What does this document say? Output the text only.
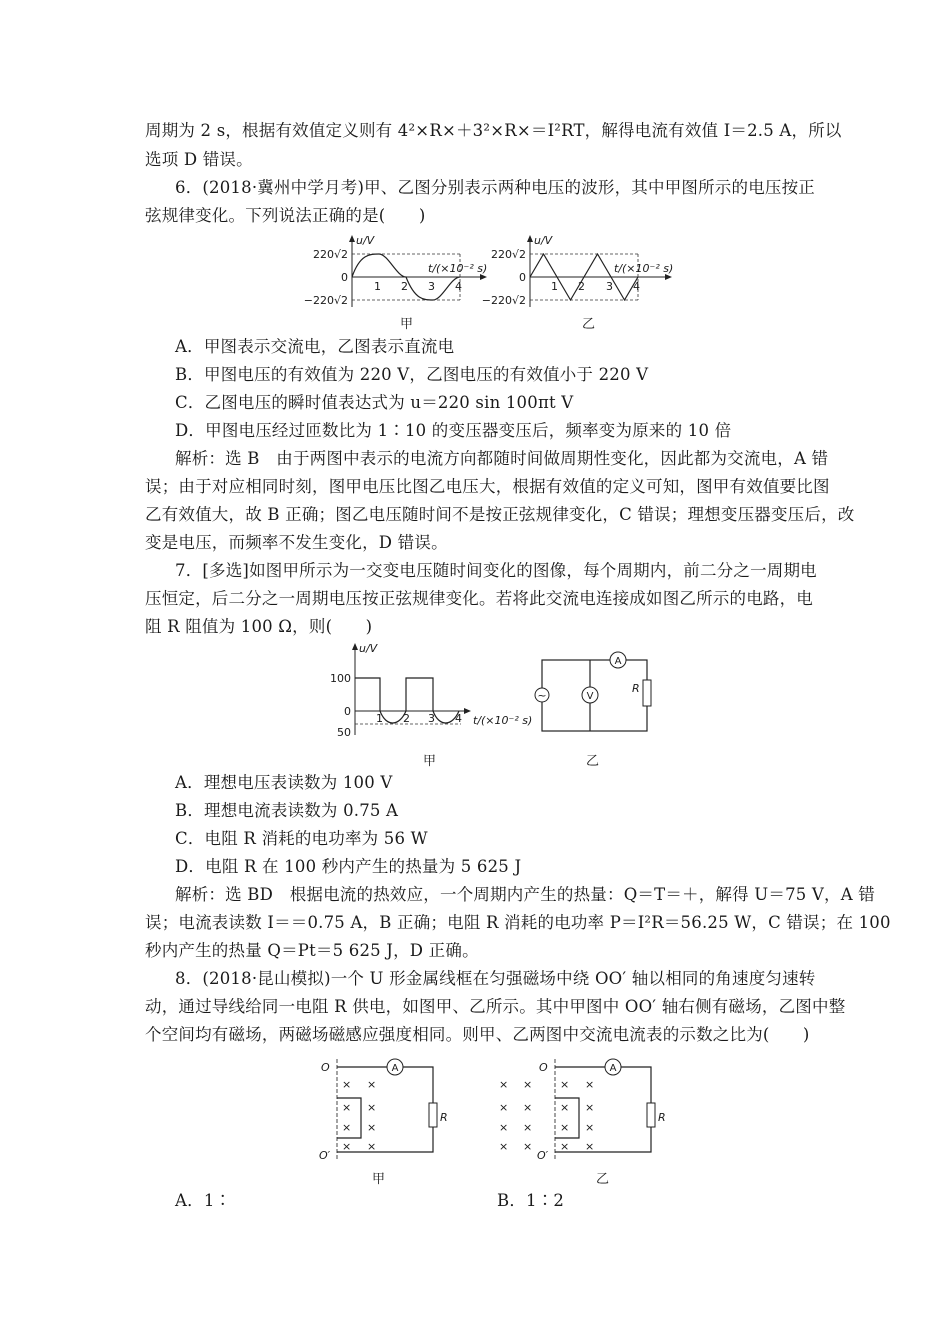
周期为 2 s，根据有效值定义则有 4²×R×＋3²×R×＝I²RT，解得电流有效值 I＝2.5 A，所以
选项 D 错误。
6．(2018·冀州中学月考)甲、乙图分别表示两种电压的波形，其中甲图所示的电压按正
弦规律变化。下列说法正确的是(　　)
u/V
220√2
0
−220√2
1 2 3 4
t/(×10⁻² s)
u/V
220√2
0
−220√2
1 2 3 4
t/(×10⁻² s)
甲	乙
A．甲图表示交流电，乙图表示直流电
B．甲图电压的有效值为 220 V，乙图电压的有效值小于 220 V
C．乙图电压的瞬时值表达式为 u＝220 sin 100πt V
D．甲图电压经过匝数比为 1∶10 的变压器变压后，频率变为原来的 10 倍
解析：选 B　由于两图中表示的电流方向都随时间做周期性变化，因此都为交流电，A 错
误；由于对应相同时刻，图甲电压比图乙电压大，根据有效值的定义可知，图甲有效值要比图
乙有效值大，故 B 正确；图乙电压随时间不是按正弦规律变化，C 错误；理想变压器变压后，改
变是电压，而频率不发生变化，D 错误。
7．[多选]如图甲所示为一交变电压随时间变化的图像，每个周期内，前二分之一周期电
压恒定，后二分之一周期电压按正弦规律变化。若将此交流电连接成如图乙所示的电路，电
阻 R 阻值为 100 Ω，则(　　)
u/V
100
0
50
1 2 3 4 t/(×10⁻² s)
~	V
A
R
甲	乙
A．理想电压表读数为 100 V
B．理想电流表读数为 0.75 A
C．电阻 R 消耗的电功率为 56 W
D．电阻 R 在 100 秒内产生的热量为 5 625 J
解析：选 BD　根据电流的热效应，一个周期内产生的热量：Q＝T＝＋，解得 U＝75 V，A 错
误；电流表读数 I＝＝0.75 A，B 正确；电阻 R 消耗的电功率 P＝I²R＝56.25 W，C 错误；在 100
秒内产生的热量 Q＝Pt＝5 625 J，D 正确。
8．(2018·昆山模拟)一个 U 形金属线框在匀强磁场中绕 OO′ 轴以相同的角速度匀速转
动，通过导线给同一电阻 R 供电，如图甲、乙所示。其中甲图中 OO′ 轴右侧有磁场，乙图中整
个空间均有磁场，两磁场磁感应强度相同。则甲、乙两图中交流电流表的示数之比为(　　)
A
R
O
O′
× ×
× ×
× ×
× ×
A
R
O
O′
× ×
× ×
× ×
× ×
× ×
× ×
× ×
× ×
甲	乙
A．1∶	B．1∶2
